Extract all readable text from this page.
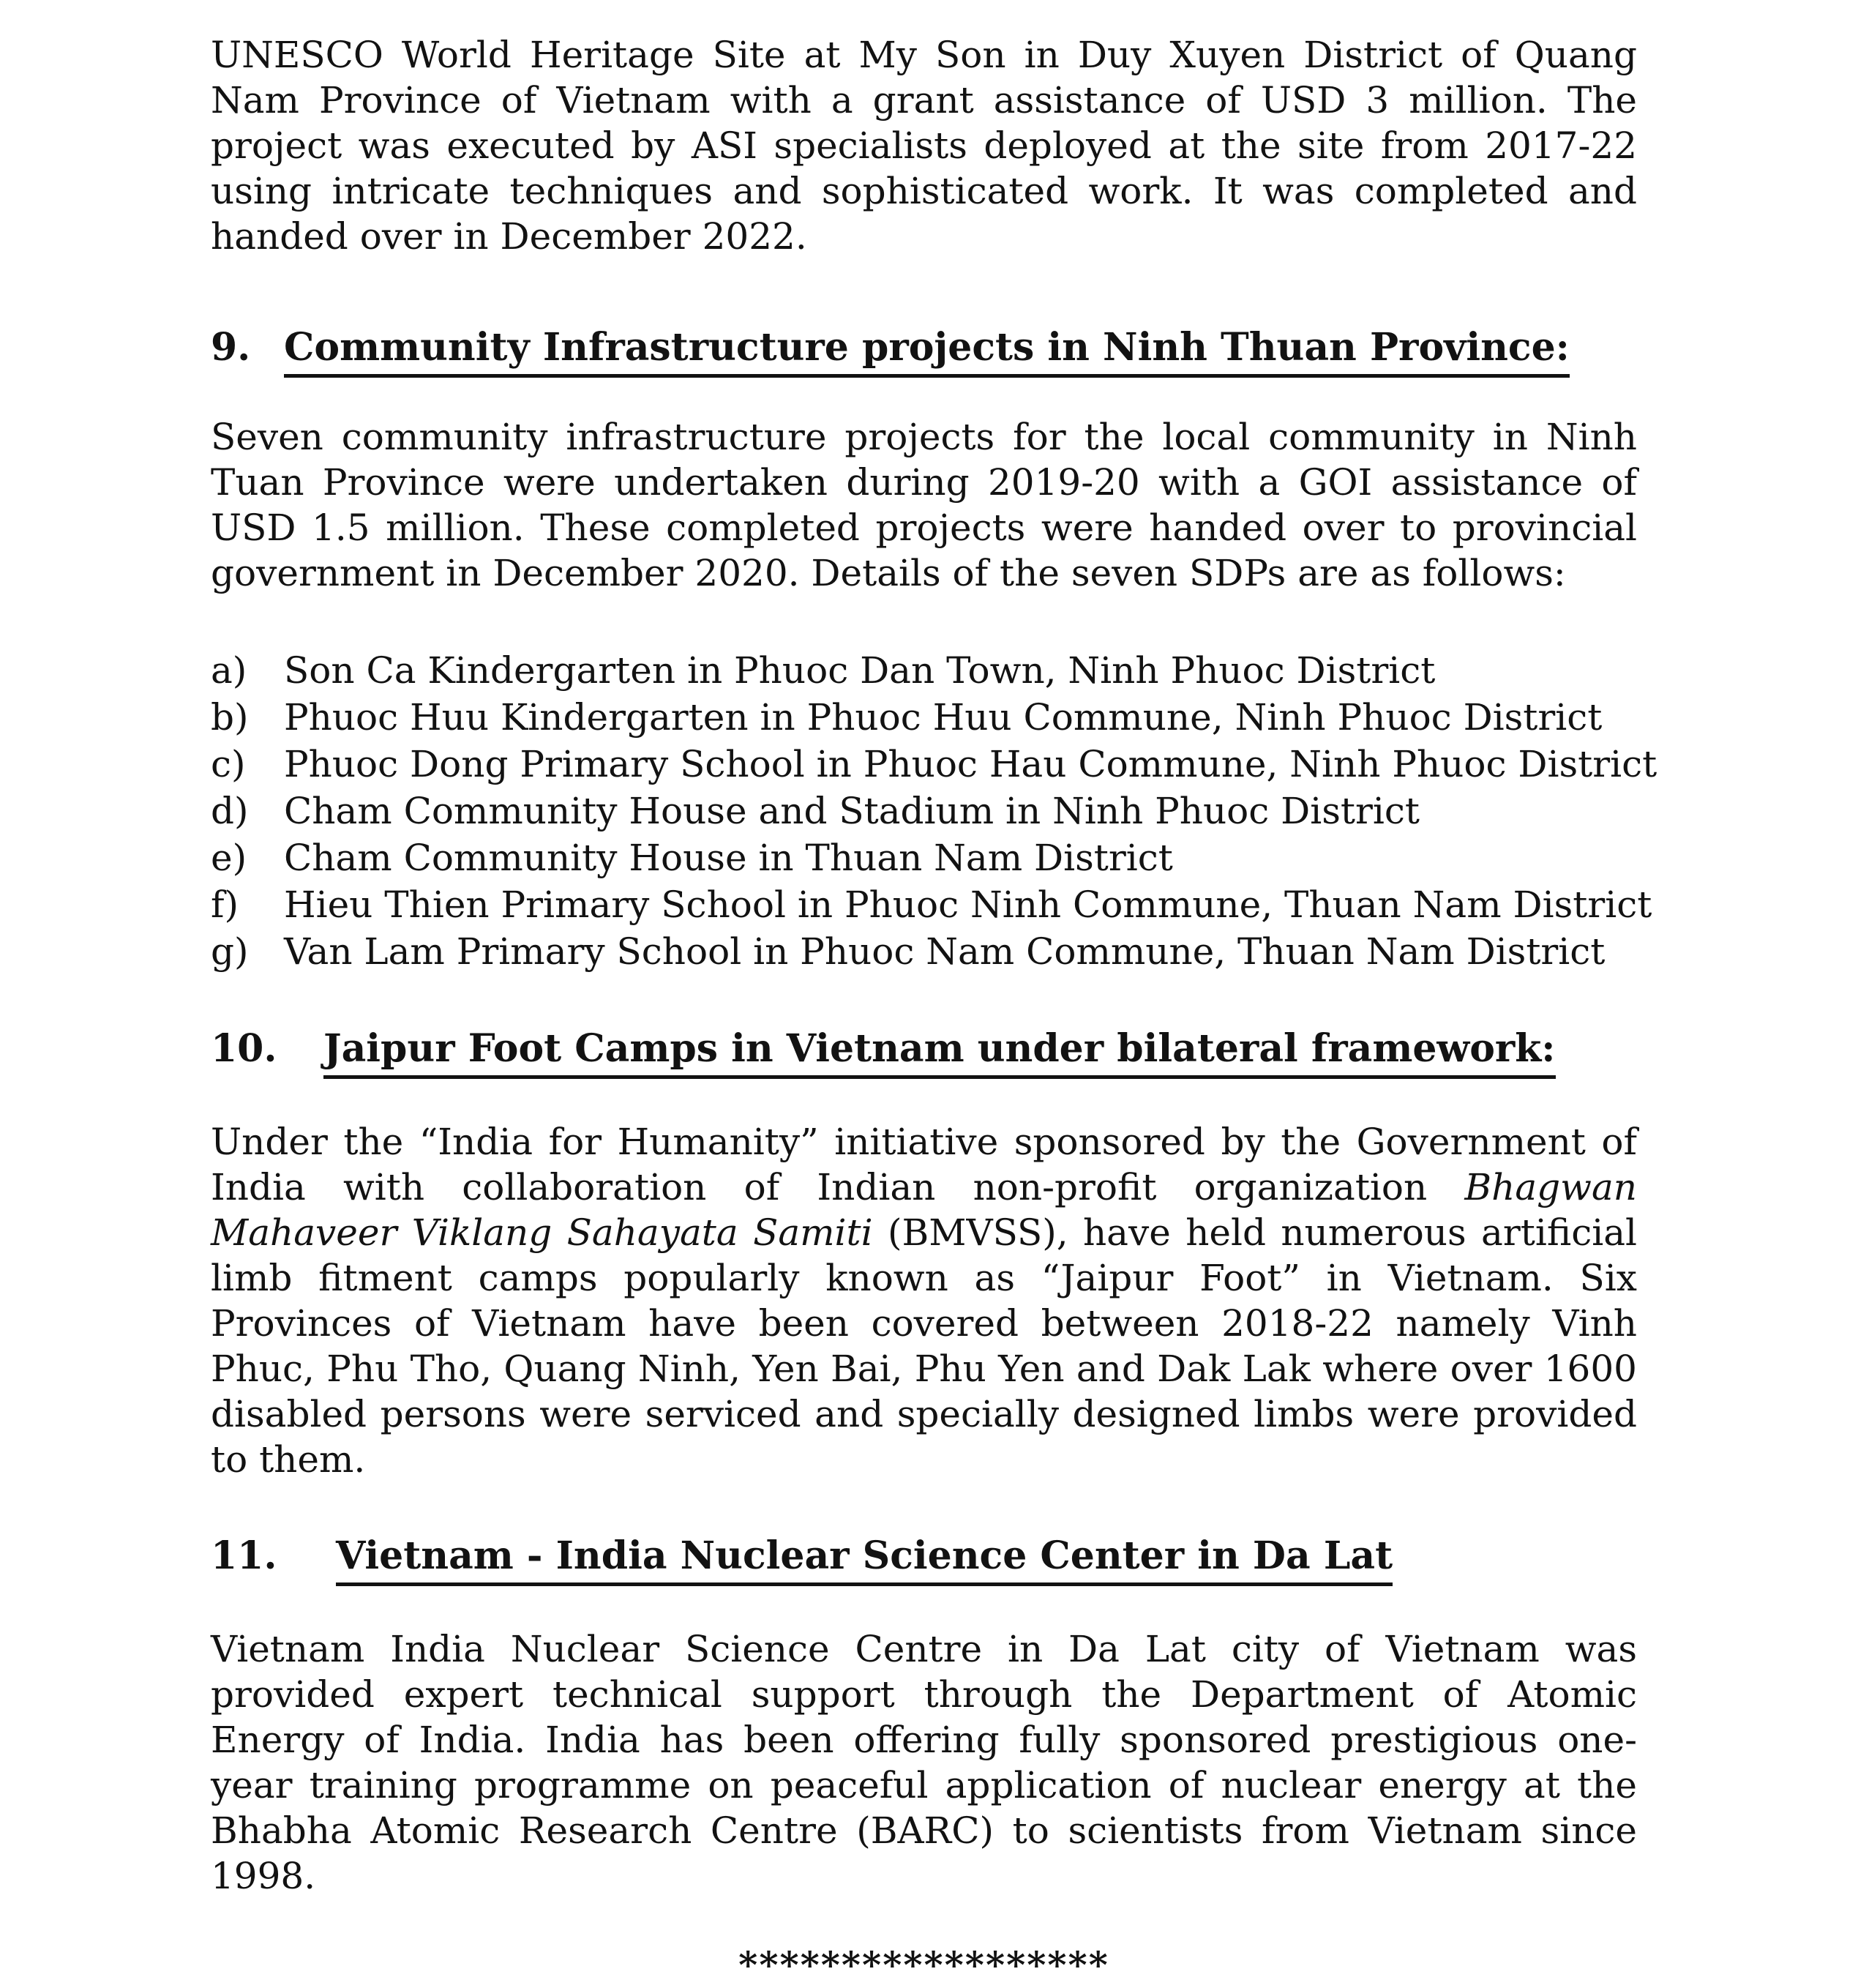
UNESCO World Heritage Site at My Son in Duy Xuyen District of Quang Nam Province of Vietnam with a grant assistance of USD 3 million. The project was executed by ASI specialists deployed at the site from 2017-22 using intricate techniques and sophisticated work. It was completed and handed over in December 2022.

9. Community Infrastructure projects in Ninh Thuan Province:

Seven community infrastructure projects for the local community in Ninh Tuan Province were undertaken during 2019-20 with a GOI assistance of USD 1.5 million. These completed projects were handed over to provincial government in December 2020. Details of the seven SDPs are as follows:

a) Son Ca Kindergarten in Phuoc Dan Town, Ninh Phuoc District
b) Phuoc Huu Kindergarten in Phuoc Huu Commune, Ninh Phuoc District
c) Phuoc Dong Primary School in Phuoc Hau Commune, Ninh Phuoc District
d) Cham Community House and Stadium in Ninh Phuoc District
e) Cham Community House in Thuan Nam District
f) Hieu Thien Primary School in Phuoc Ninh Commune, Thuan Nam District
g) Van Lam Primary School in Phuoc Nam Commune, Thuan Nam District
10. Jaipur Foot Camps in Vietnam under bilateral framework:

Under the “India for Humanity” initiative sponsored by the Government of India with collaboration of Indian non-profit organization Bhagwan Mahaveer Viklang Sahayata Samiti (BMVSS), have held numerous artificial limb fitment camps popularly known as “Jaipur Foot” in Vietnam. Six Provinces of Vietnam have been covered between 2018-22 namely Vinh Phuc, Phu Tho, Quang Ninh, Yen Bai, Phu Yen and Dak Lak where over 1600 disabled persons were serviced and specially designed limbs were provided to them.

11. Vietnam - India Nuclear Science Center in Da Lat

Vietnam India Nuclear Science Centre in Da Lat city of Vietnam was provided expert technical support through the Department of Atomic Energy of India. India has been offering fully sponsored prestigious one-year training programme on peaceful application of nuclear energy at the Bhabha Atomic Research Centre (BARC) to scientists from Vietnam since 1998.

******************
